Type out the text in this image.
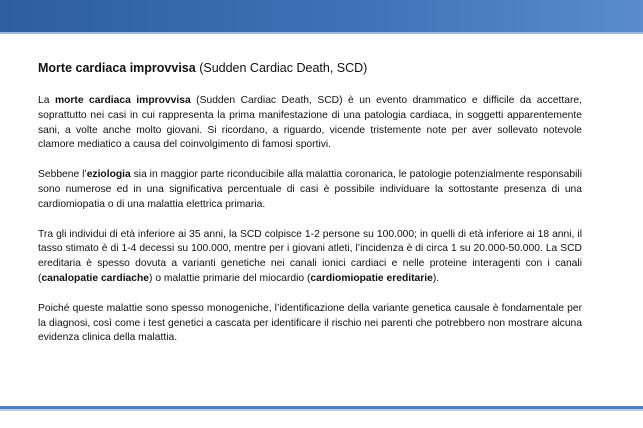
Morte cardiaca improvvisa (Sudden Cardiac Death, SCD)

La morte cardiaca improvvisa (Sudden Cardiac Death, SCD) è un evento drammatico e difficile da accettare, soprattutto nei casi in cui rappresenta la prima manifestazione di una patologia cardiaca, in soggetti apparentemente sani, a volte anche molto giovani. Si ricordano, a riguardo, vicende tristemente note per aver sollevato notevole clamore mediatico a causa del coinvolgimento di famosi sportivi.

Sebbene l’eziologia sia in maggior parte riconducibile alla malattia coronarica, le patologie potenzialmente responsabili sono numerose ed in una significativa percentuale di casi è possibile individuare la sottostante presenza di una cardiomiopatia o di una malattia elettrica primaria.

Tra gli individui di età inferiore ai 35 anni, la SCD colpisce 1-2 persone su 100.000; in quelli di età inferiore ai 18 anni, il tasso stimato è di 1-4 decessi su 100.000, mentre per i giovani atleti, l’incidenza è di circa 1 su 20.000-50.000. La SCD ereditaria è spesso dovuta a varianti genetiche nei canali ionici cardiaci e nelle proteine interagenti con i canali (canalopatie cardiache) o malattie primarie del miocardio (cardiomiopatie ereditarie).

Poiché queste malattie sono spesso monogeniche, l’identificazione della variante genetica causale è fondamentale per la diagnosi, così come i test genetici a cascata per identificare il rischio nei parenti che potrebbero non mostrare alcuna evidenza clinica della malattia.
